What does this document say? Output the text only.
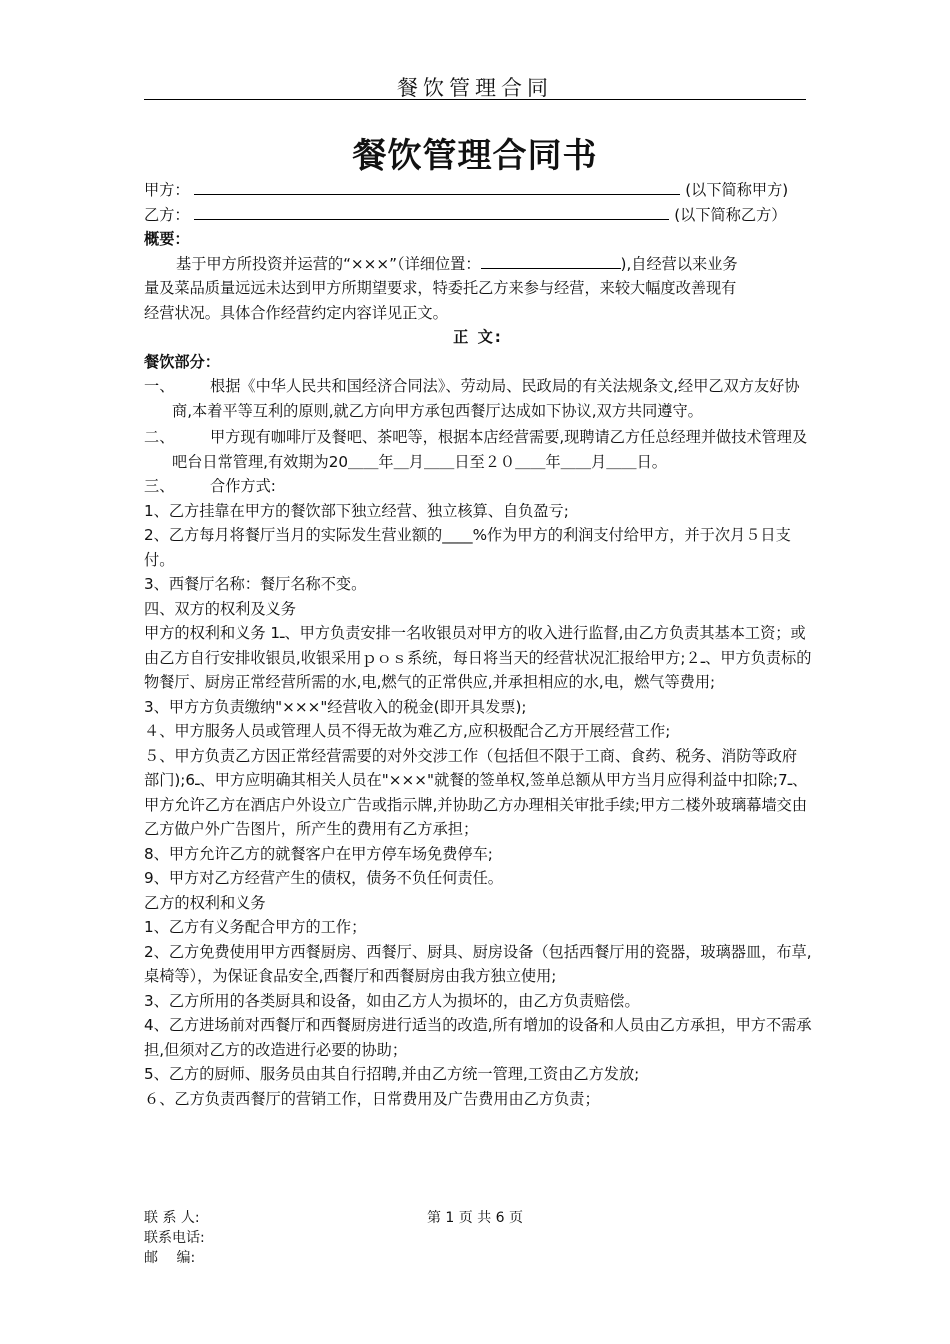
餐饮管理合同
餐饮管理合同书
甲方：	(以下简称甲方)
乙方：	(以下简称乙方）
概要：
基于甲方所投资并运营的“×××”（详细位置：	),自经营以来业务
量及菜品质量远远未达到甲方所期望要求，特委托乙方来参与经营，来较大幅度改善现有
经营状况。具体合作经营约定内容详见正文。
正 文:
餐饮部分：
一、	根据《中华人民共和国经济合同法》、劳动局、民政局的有关法规条文,经甲乙双方友好协商,本着平等互利的原则,就乙方向甲方承包西餐厅达成如下协议,双方共同遵守。
二、	甲方现有咖啡厅及餐吧、茶吧等，根据本店经营需要,现聘请乙方任总经理并做技术管理及吧台日常管理,有效期为20＿＿年＿月＿＿日至２０＿＿年＿＿月＿＿日。
三、	合作方式:

1、乙方挂靠在甲方的餐饮部下独立经营、独立核算、自负盈亏;

2、乙方每月将餐厅当月的实际发生营业额的____%作为甲方的利润支付给甲方，并于次月５日支付。

3、西餐厅名称：餐厅名称不变。

四、双方的权利及义务

甲方的权利和义务 1ـ、甲方负责安排一名收银员对甲方的收入进行监督,由乙方负责其基本工资；或由乙方自行安排收银员,收银采用ｐｏｓ系统，每日将当天的经营状况汇报给甲方;２ـ、甲方负责标的物餐厅、厨房正常经营所需的水,电,燃气的正常供应,并承担相应的水,电，燃气等费用;

3、甲方方负责缴纳"×××"经营收入的税金(即开具发票);

４、甲方服务人员或管理人员不得无故为难乙方,应积极配合乙方开展经营工作;

５、甲方负责乙方因正常经营需要的对外交涉工作（包括但不限于工商、食药、税务、消防等政府部门);6ـ、甲方应明确其相关人员在"×××"就餐的签单权,签单总额从甲方当月应得利益中扣除;7ـ、甲方允许乙方在酒店户外设立广告或指示牌,并协助乙方办理相关审批手续;甲方二楼外玻璃幕墙交由乙方做户外广告图片，所产生的费用有乙方承担；

8、甲方允许乙方的就餐客户在甲方停车场免费停车;

9、甲方对乙方经营产生的债权，债务不负任何责任。

乙方的权利和义务

1、乙方有义务配合甲方的工作；

2、乙方免费使用甲方西餐厨房、西餐厅、厨具、厨房设备（包括西餐厅用的瓷器，玻璃器皿，布草,桌椅等），为保证食品安全,西餐厅和西餐厨房由我方独立使用;

3、乙方所用的各类厨具和设备，如由乙方人为损坏的，由乙方负责赔偿。

4、乙方进场前对西餐厅和西餐厨房进行适当的改造,所有增加的设备和人员由乙方承担，甲方不需承担,但须对乙方的改造进行必要的协助；

5、乙方的厨师、服务员由其自行招聘,并由乙方统一管理,工资由乙方发放;

６、乙方负责西餐厅的营销工作，日常费用及广告费用由乙方负责；

联 系 人:
联系电话:
邮　 编:
第 1 页 共 6 页
